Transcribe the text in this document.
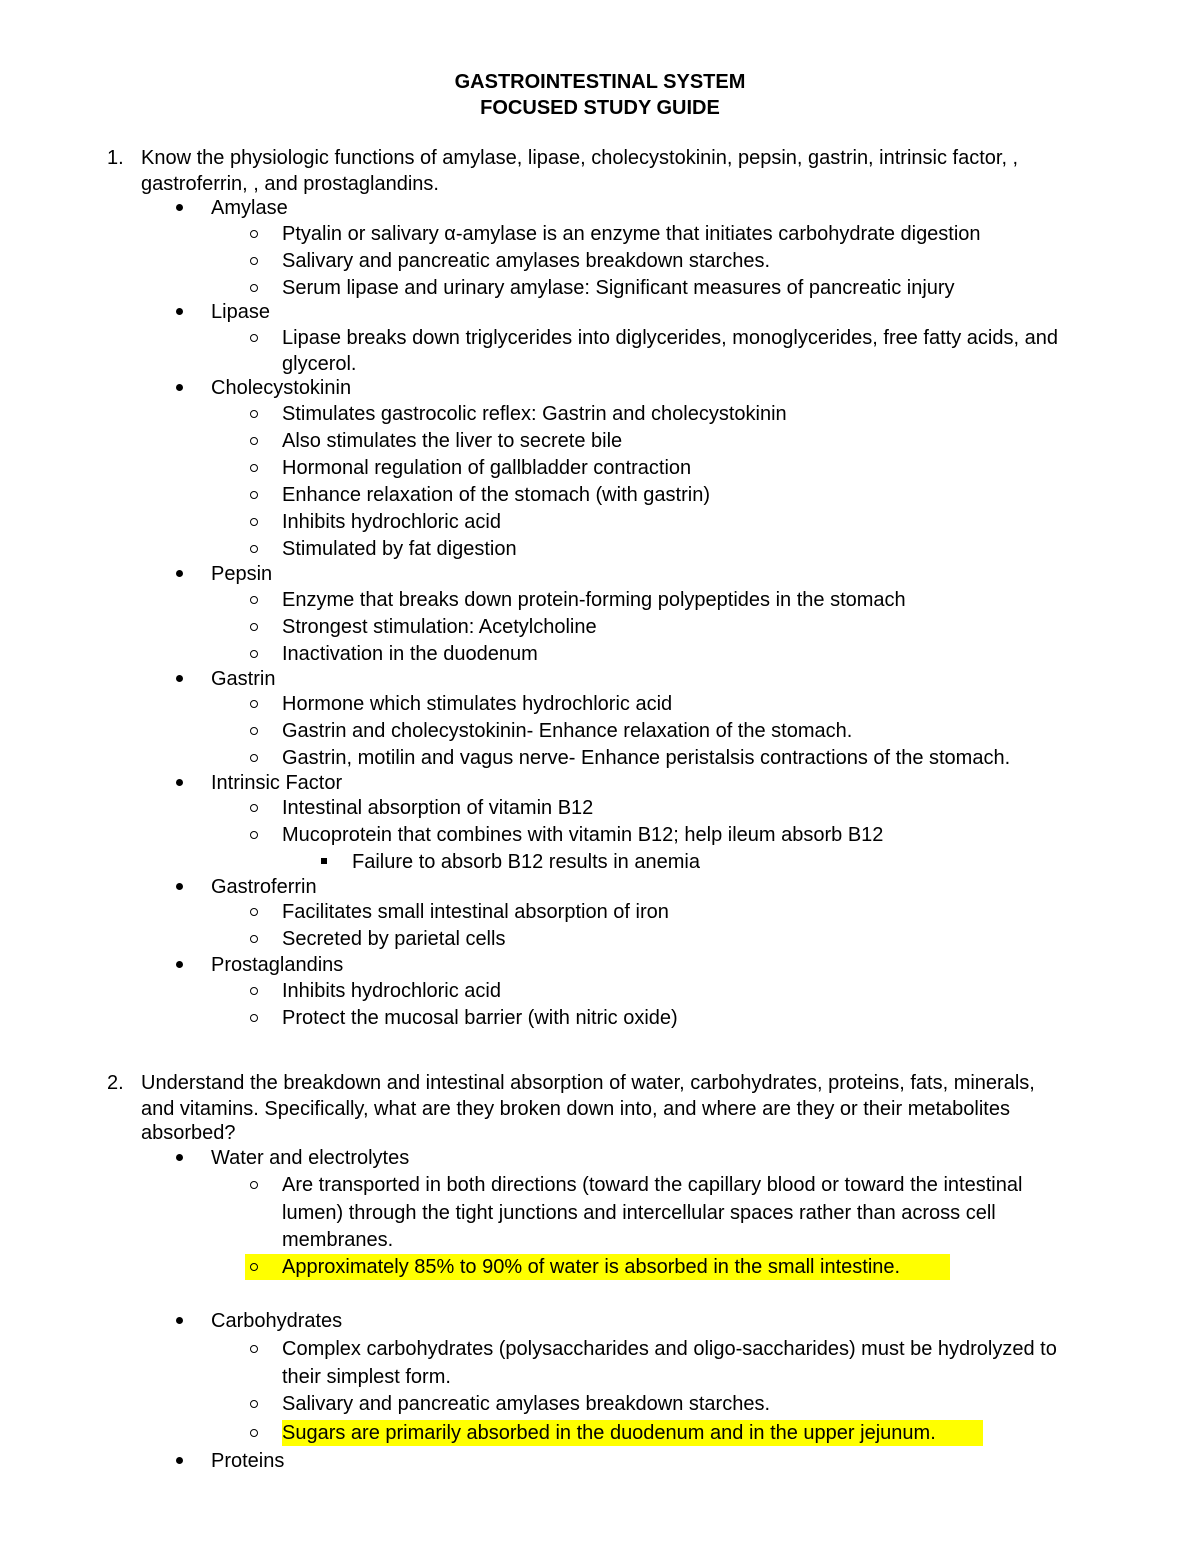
GASTROINTESTINAL SYSTEM
FOCUSED STUDY GUIDE
1. Know the physiologic functions of amylase, lipase, cholecystokinin, pepsin, gastrin, intrinsic factor, ,
gastroferrin, , and prostaglandins.
Amylase
Ptyalin or salivary α-amylase is an enzyme that initiates carbohydrate digestion
Salivary and pancreatic amylases breakdown starches.
Serum lipase and urinary amylase: Significant measures of pancreatic injury
Lipase
Lipase breaks down triglycerides into diglycerides, monoglycerides, free fatty acids, and
glycerol.
Cholecystokinin
Stimulates gastrocolic reflex: Gastrin and cholecystokinin
Also stimulates the liver to secrete bile
Hormonal regulation of gallbladder contraction
Enhance relaxation of the stomach (with gastrin)
Inhibits hydrochloric acid
Stimulated by fat digestion
Pepsin
Enzyme that breaks down protein-forming polypeptides in the stomach
Strongest stimulation: Acetylcholine
Inactivation in the duodenum
Gastrin
Hormone which stimulates hydrochloric acid
Gastrin and cholecystokinin- Enhance relaxation of the stomach.
Gastrin, motilin and vagus nerve- Enhance peristalsis contractions of the stomach.
Intrinsic Factor
Intestinal absorption of vitamin B12
Mucoprotein that combines with vitamin B12; help ileum absorb B12
Failure to absorb B12 results in anemia
Gastroferrin
Facilitates small intestinal absorption of iron
Secreted by parietal cells
Prostaglandins
Inhibits hydrochloric acid
Protect the mucosal barrier (with nitric oxide)
2. Understand the breakdown and intestinal absorption of water, carbohydrates, proteins, fats, minerals,
and vitamins. Specifically, what are they broken down into, and where are they or their metabolites
absorbed?
Water and electrolytes
Are transported in both directions (toward the capillary blood or toward the intestinal
lumen) through the tight junctions and intercellular spaces rather than across cell
membranes.
Approximately 85% to 90% of water is absorbed in the small intestine.
Carbohydrates
Complex carbohydrates (polysaccharides and oligo-saccharides) must be hydrolyzed to
their simplest form.
Salivary and pancreatic amylases breakdown starches.
Sugars are primarily absorbed in the duodenum and in the upper jejunum.
Proteins
